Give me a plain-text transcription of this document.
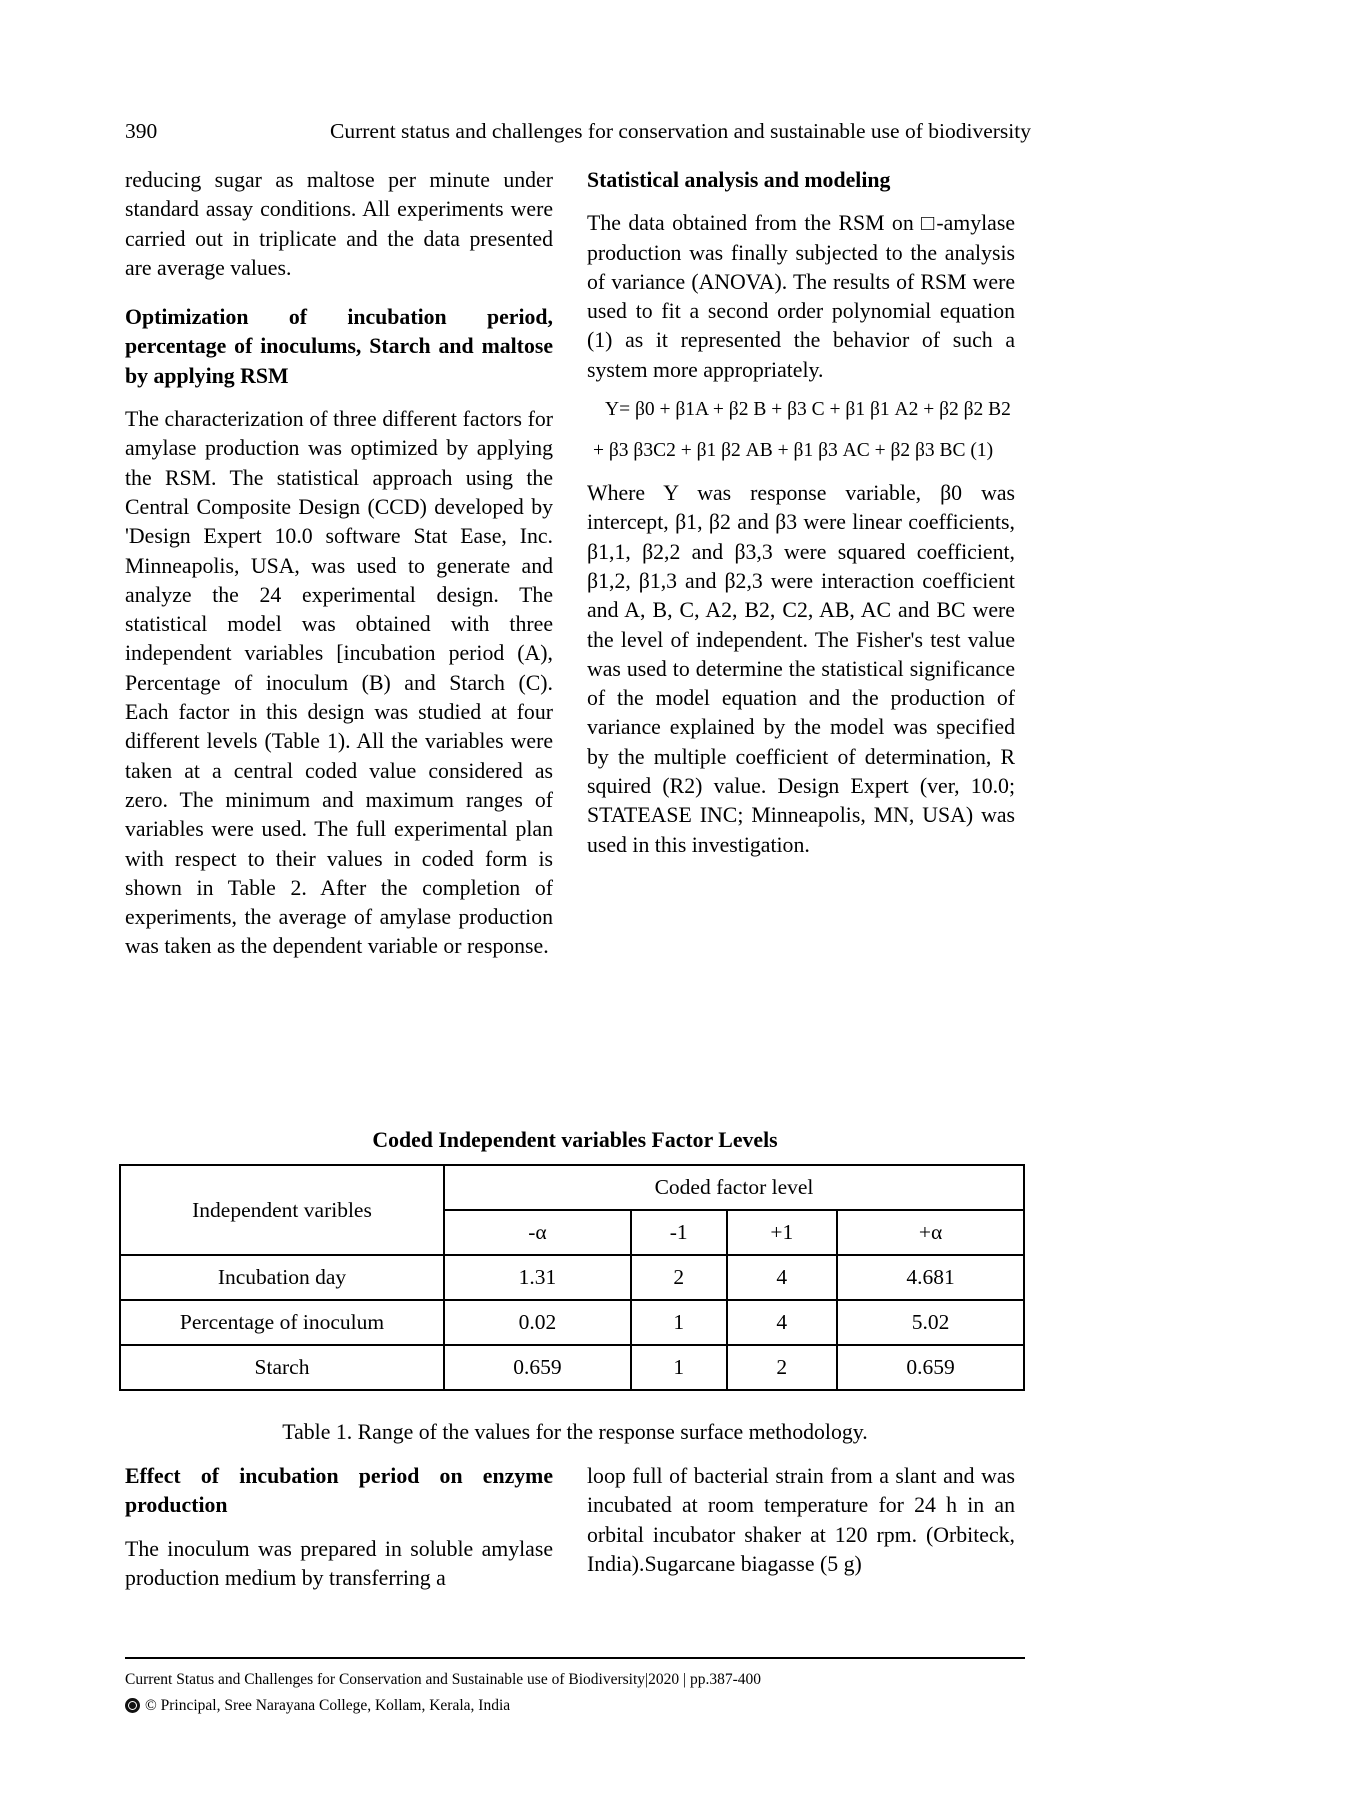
390	Current status and challenges for conservation and sustainable use of biodiversity

reducing sugar as maltose per minute under standard assay conditions. All experiments were carried out in triplicate and the data presented are average values.

Optimization of incubation period, percentage of inoculums, Starch and maltose by applying RSM

The characterization of three different factors for amylase production was optimized by applying the RSM. The statistical approach using the Central Composite Design (CCD) developed by 'Design Expert 10.0 software Stat Ease, Inc. Minneapolis, USA, was used to generate and analyze the 24 experimental design. The statistical model was obtained with three independent variables [incubation period (A), Percentage of inoculum (B) and Starch (C). Each factor in this design was studied at four different levels (Table 1). All the variables were taken at a central coded value considered as zero. The minimum and maximum ranges of variables were used. The full experimental plan with respect to their values in coded form is shown in Table 2. After the completion of experiments, the average of amylase production was taken as the dependent variable or response.

Statistical analysis and modeling

The data obtained from the RSM on □-amylase production was finally subjected to the analysis of variance (ANOVA). The results of RSM were used to fit a second order polynomial equation (1) as it represented the behavior of such a system more appropriately.

Y= β0 + β1A + β2 B + β3 C + β1 β1 A2 + β2 β2 B2
+ β3 β3C2 + β1 β2 AB + β1 β3 AC + β2 β3 BC (1)

Where Y was response variable, β0 was intercept, β1, β2 and β3 were linear coefficients, β1,1, β2,2 and β3,3 were squared coefficient, β1,2, β1,3 and β2,3 were interaction coefficient and A, B, C, A2, B2, C2, AB, AC and BC were the level of independent. The Fisher's test value was used to determine the statistical significance of the model equation and the production of variance explained by the model was specified by the multiple coefficient of determination, R squired (R2) value. Design Expert (ver, 10.0; STATEASE INC; Minneapolis, MN, USA) was used in this investigation.

Coded Independent variables Factor Levels
Independent varibles	Coded factor level			
	-α	-1	+1	+α
Incubation day	1.31	2	4	4.681
Percentage of inoculum	0.02	1	4	5.02
Starch	0.659	1	2	0.659
Table 1. Range of the values for the response surface methodology.
Effect of incubation period on enzyme production

The inoculum was prepared in soluble amylase production medium by transferring a

loop full of bacterial strain from a slant and was incubated at room temperature for 24 h in an orbital incubator shaker at 120 rpm. (Orbiteck, India).Sugarcane biagasse (5 g)

Current Status and Challenges for Conservation and Sustainable use of Biodiversity|2020 | pp.387-400
© Principal, Sree Narayana College, Kollam, Kerala, India
